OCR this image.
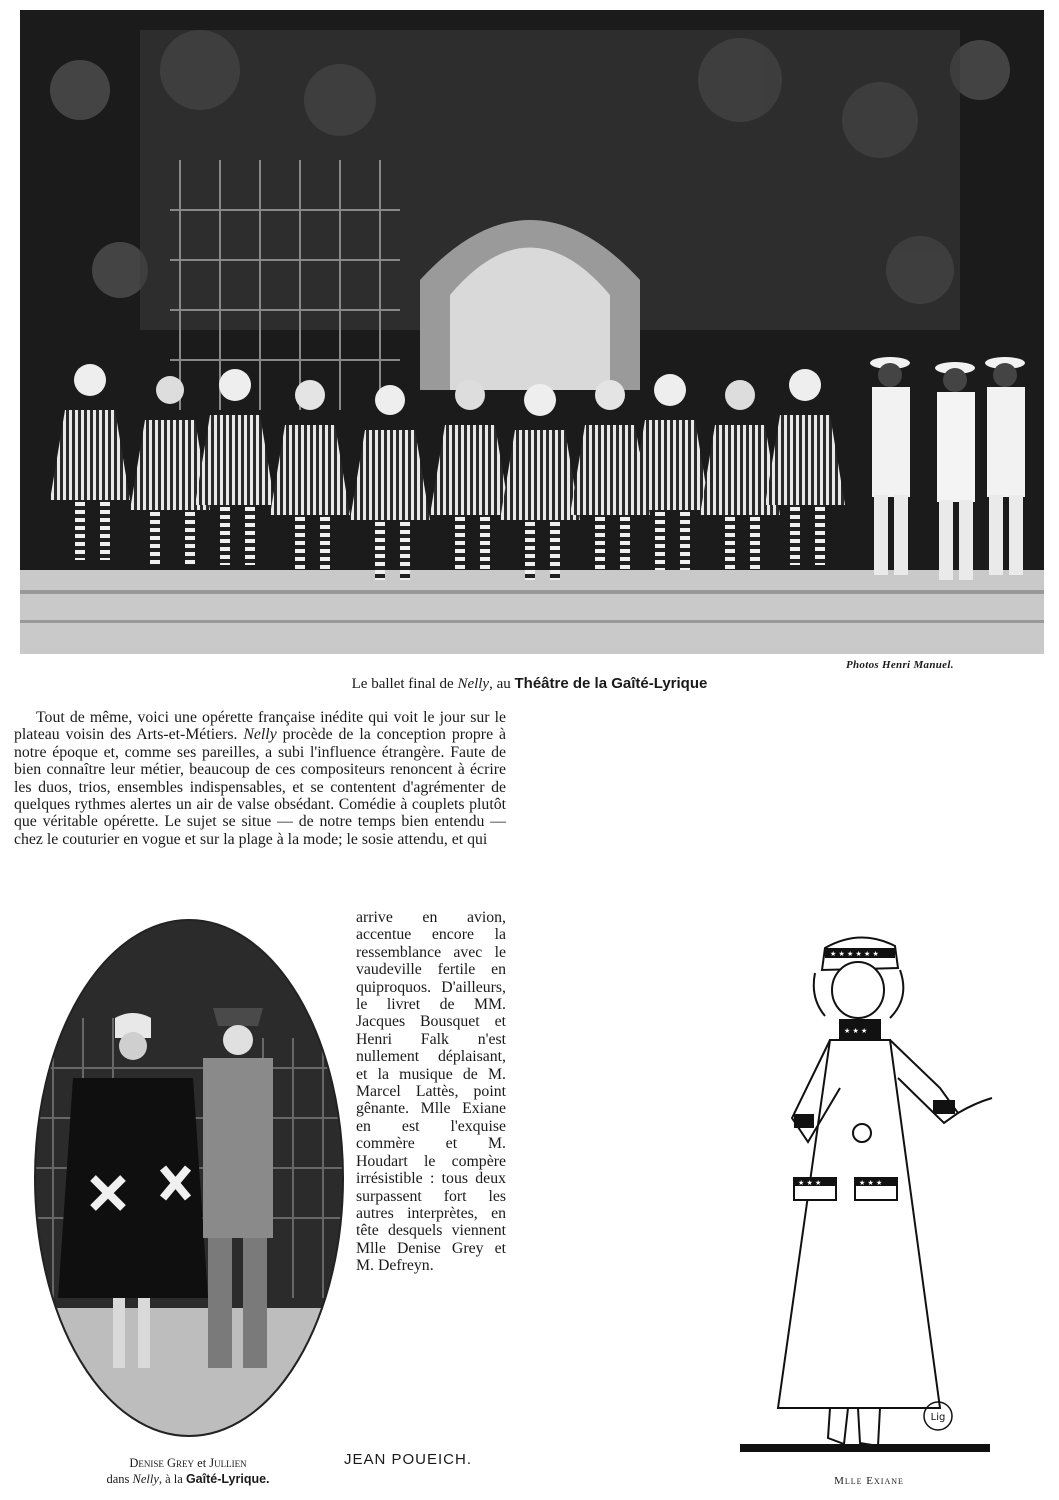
Photos Henri Manuel.
Le ballet final de Nelly, au Théâtre de la Gaîté-Lyrique

Tout de même, voici une opérette française inédite qui voit le jour sur le plateau voisin des Arts-et-Métiers. Nelly procède de la conception propre à notre époque et, comme ses pareilles, a subi l'influence étrangère. Faute de bien connaître leur métier, beaucoup de ces compositeurs renoncent à écrire les duos, trios, ensembles indispensables, et se contentent d'agrémenter de quelques rythmes alertes un air de valse obsédant. Comédie à couplets plutôt que véritable opérette. Le sujet se situe — de notre temps bien entendu — chez le couturier en vogue et sur la plage à la mode; le sosie attendu, et qui

arrive en avion, accentue encore la ressemblance avec le vaudeville fertile en quiproquos. D'ailleurs, le livret de MM. Jacques Bousquet et Henri Falk n'est nullement déplaisant, et la musique de M. Marcel Lattès, point gênante. Mlle Exiane en est l'exquise commère et M. Houdart le compère irrésistible : tous deux surpassent fort les autres interprètes, en tête desquels viennent Mlle Denise Grey et M. Defreyn.

JEAN POUEICH.
Denise Grey et Jullien
dans Nelly, à la Gaîté-Lyrique.
★ ★ ★ ★ ★ ★
★ ★ ★
★ ★ ★	★ ★ ★
Lig
Mlle Exiane
